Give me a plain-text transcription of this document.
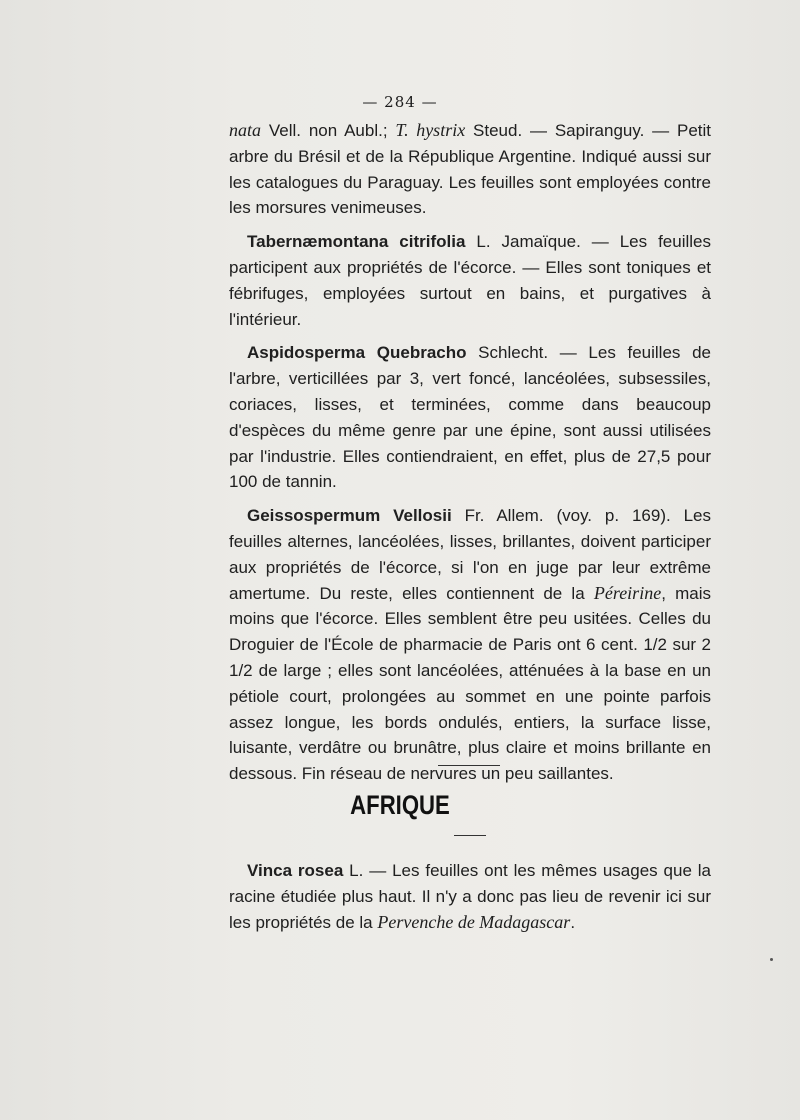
— 284 —

nata Vell. non Aubl.; T. hystrix Steud. — Sapiranguy. — Petit arbre du Brésil et de la République Argentine. Indiqué aussi sur les catalogues du Paraguay. Les feuilles sont employées contre les morsures venimeuses.

Tabernæmontana citrifolia L. Jamaïque. — Les feuilles participent aux propriétés de l'écorce. — Elles sont toniques et fébrifuges, employées surtout en bains, et purgatives à l'intérieur.

Aspidosperma Quebracho Schlecht. — Les feuilles de l'arbre, verticillées par 3, vert foncé, lancéolées, subsessiles, coriaces, lisses, et terminées, comme dans beaucoup d'espèces du même genre par une épine, sont aussi utilisées par l'industrie. Elles contiendraient, en effet, plus de 27,5 pour 100 de tannin.

Geissospermum Vellosii Fr. Allem. (voy. p. 169). Les feuilles alternes, lancéolées, lisses, brillantes, doivent participer aux propriétés de l'écorce, si l'on en juge par leur extrême amertume. Du reste, elles contiennent de la Péreirine, mais moins que l'écorce. Elles semblent être peu usitées. Celles du Droguier de l'École de pharmacie de Paris ont 6 cent. 1/2 sur 2 1/2 de large ; elles sont lancéolées, atténuées à la base en un pétiole court, prolongées au sommet en une pointe parfois assez longue, les bords ondulés, entiers, la surface lisse, luisante, verdâtre ou brunâtre, plus claire et moins brillante en dessous. Fin réseau de nervures un peu saillantes.

AFRIQUE

Vinca rosea L. — Les feuilles ont les mêmes usages que la racine étudiée plus haut. Il n'y a donc pas lieu de revenir ici sur les propriétés de la Pervenche de Madagascar.
